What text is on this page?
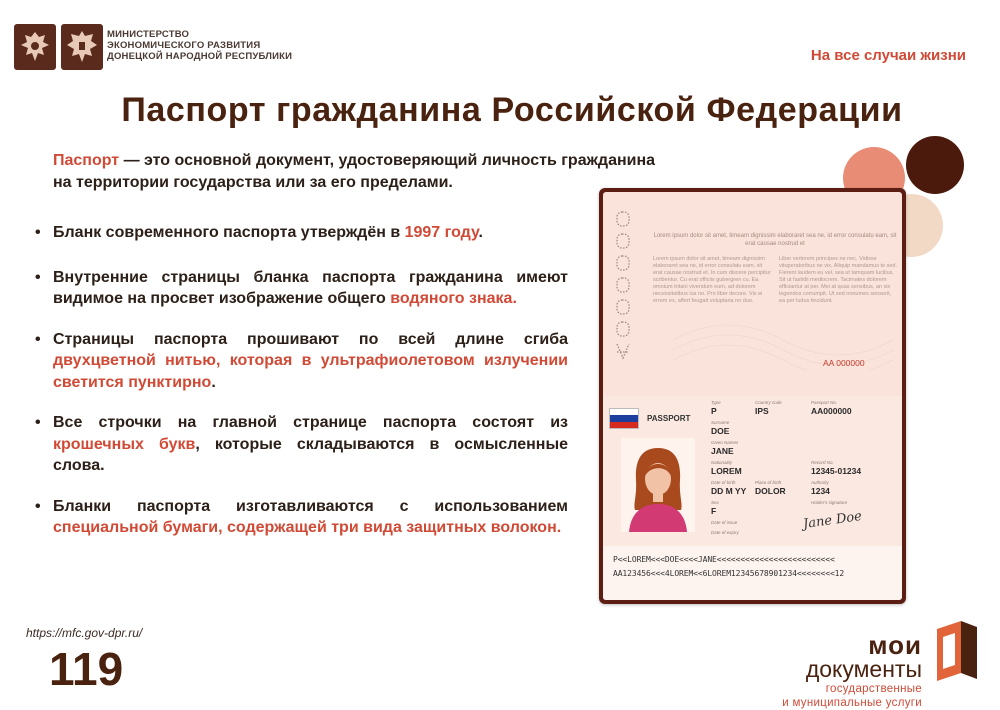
МИНИСТЕРСТВО
ЭКОНОМИЧЕСКОГО РАЗВИТИЯ
ДОНЕЦКОЙ НАРОДНОЙ РЕСПУБЛИКИ	На все случаи жизни
Паспорт гражданина Российской Федерации
Паспорт — это основной документ, удостоверяющий личность гражданина
на территории государства или за его пределами.
• Бланк современного паспорта утверждён в 1997 году.
• Внутренние страницы бланка паспорта гражданина имеют видимое на просвет изображение общего водяного знака.
• Страницы паспорта прошивают по всей длине сгиба двухцветной нитью, которая в ультрафиолетовом излучении светится пунктирно.
• Все строчки на главной странице паспорта состоят из крошечных букв, которые складываются в осмысленные слова.
• Бланки паспорта изготавливаются с использованием специальной бумаги, содержащей три вида защитных волокон.
Lorem ipsum dolor sit amet, timeam dignissim elaboraret sea ne, id error consulatu eam, sit erat causae nostrud et
Lorem ipsum dolor sit amet, timeam dignissim elaboraret sea ne, id error consulatu eam, sit erat causae nostrud et. In cum discere percipitur scribentur. Cu erat officiis gubergren cu. Ea omnium tritani vivendum eum, ad dolorem necessitatibus ius no. Pro liber decore. Vix ei errem ex, affert feugait voluptaria no duo.
Liber verterem principes ne nec. Vidisse vituperatoribus ne vix. Aliquip mandamus te sed. Fierent laudem eu vel, sea ut tamquam lucilius. Sit ut fastidii mediocrem. Tacimates dolorem efficiantur at per. Mei at quas sensibus, an vix legendos corrumpit. Ut sed nonumes senserit, ea per ludus tincidunt.
AA 000000
PASSPORT
Type
P
Country code
IPS
Passport No.
AA000000
Surname
DOE
Given Names
JANE
Nationality
LOREM
Record No.
12345-01234
Date of birth
DD M YY
Place of birth
DOLOR
Authority
1234
Sex
F
Holder's signature
Date of issue
Date of expiry
Jane Doe
P<<LOREM<<<DOE<<<<JANE<<<<<<<<<<<<<<<<<<<<<<<<<
AA123456<<<4LOREM<<6LOREM12345678901234<<<<<<<<12
https://mfc.gov-dpr.ru/
119	мои
документы
государственные
и муниципальные услуги
